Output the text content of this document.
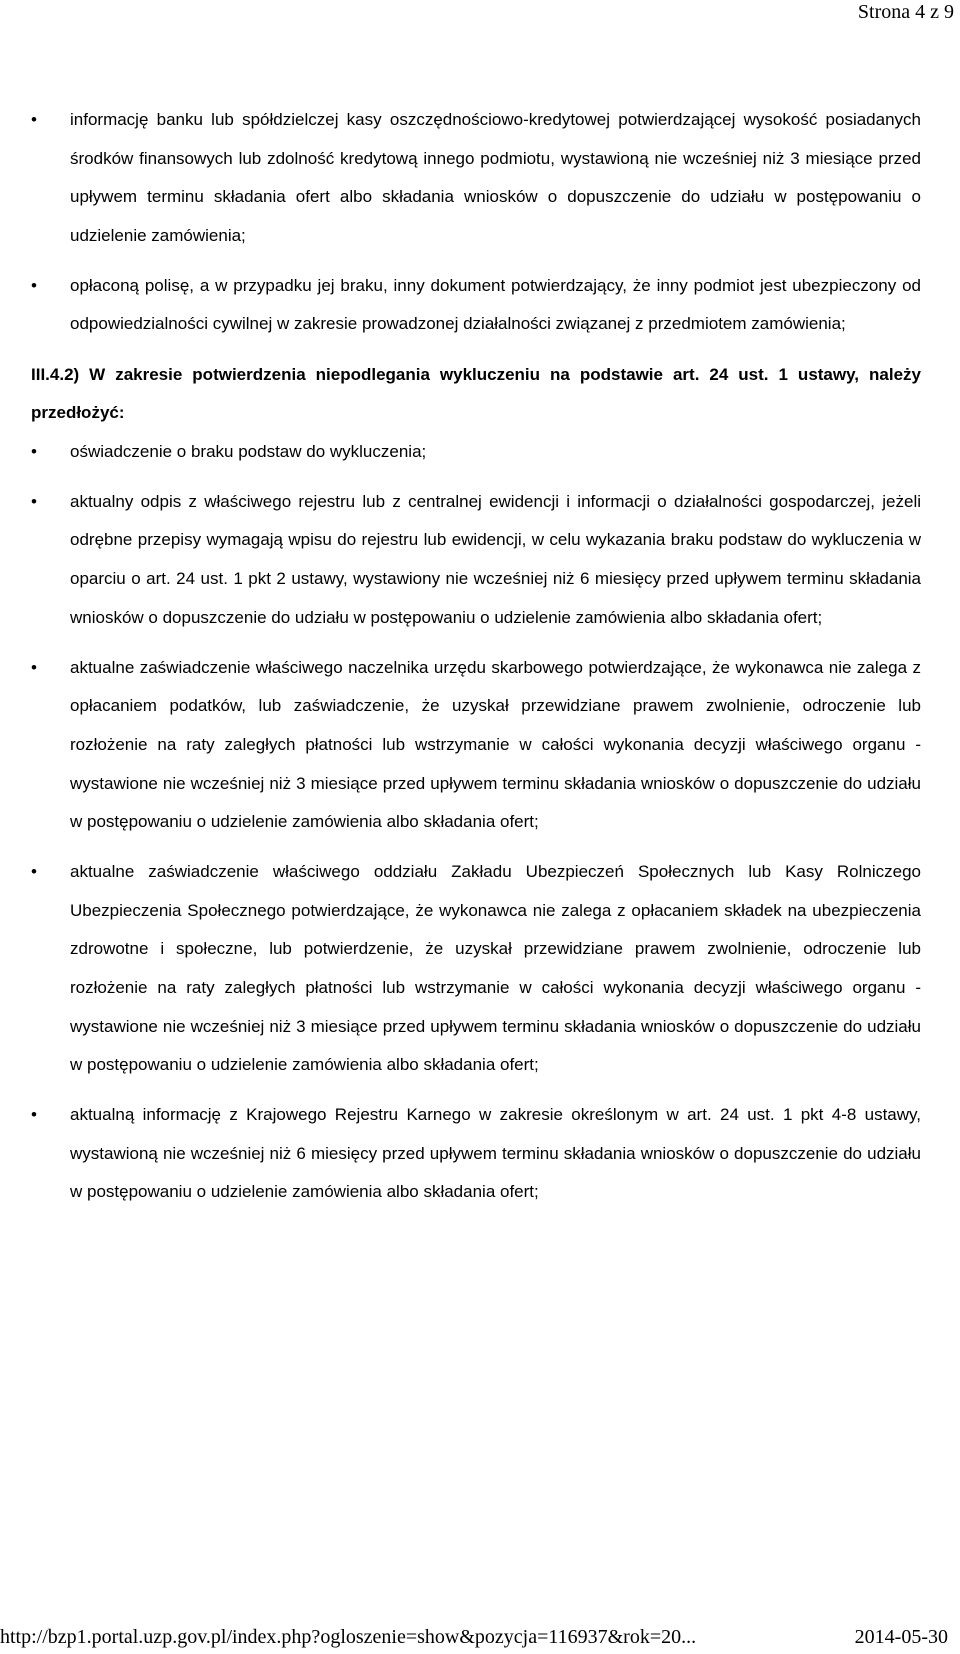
Strona 4 z 9
• informację banku lub spółdzielczej kasy oszczędnościowo-kredytowej potwierdzającej wysokość posiadanych środków finansowych lub zdolność kredytową innego podmiotu, wystawioną nie wcześniej niż 3 miesiące przed upływem terminu składania ofert albo składania wniosków o dopuszczenie do udziału w postępowaniu o udzielenie zamówienia;
• opłaconą polisę, a w przypadku jej braku, inny dokument potwierdzający, że inny podmiot jest ubezpieczony od odpowiedzialności cywilnej w zakresie prowadzonej działalności związanej z przedmiotem zamówienia;
III.4.2) W zakresie potwierdzenia niepodlegania wykluczeniu na podstawie art. 24 ust. 1 ustawy, należy przedłożyć:
• oświadczenie o braku podstaw do wykluczenia;
• aktualny odpis z właściwego rejestru lub z centralnej ewidencji i informacji o działalności gospodarczej, jeżeli odrębne przepisy wymagają wpisu do rejestru lub ewidencji, w celu wykazania braku podstaw do wykluczenia w oparciu o art. 24 ust. 1 pkt 2 ustawy, wystawiony nie wcześniej niż 6 miesięcy przed upływem terminu składania wniosków o dopuszczenie do udziału w postępowaniu o udzielenie zamówienia albo składania ofert;
• aktualne zaświadczenie właściwego naczelnika urzędu skarbowego potwierdzające, że wykonawca nie zalega z opłacaniem podatków, lub zaświadczenie, że uzyskał przewidziane prawem zwolnienie, odroczenie lub rozłożenie na raty zaległych płatności lub wstrzymanie w całości wykonania decyzji właściwego organu - wystawione nie wcześniej niż 3 miesiące przed upływem terminu składania wniosków o dopuszczenie do udziału w postępowaniu o udzielenie zamówienia albo składania ofert;
• aktualne zaświadczenie właściwego oddziału Zakładu Ubezpieczeń Społecznych lub Kasy Rolniczego Ubezpieczenia Społecznego potwierdzające, że wykonawca nie zalega z opłacaniem składek na ubezpieczenia zdrowotne i społeczne, lub potwierdzenie, że uzyskał przewidziane prawem zwolnienie, odroczenie lub rozłożenie na raty zaległych płatności lub wstrzymanie w całości wykonania decyzji właściwego organu - wystawione nie wcześniej niż 3 miesiące przed upływem terminu składania wniosków o dopuszczenie do udziału w postępowaniu o udzielenie zamówienia albo składania ofert;
• aktualną informację z Krajowego Rejestru Karnego w zakresie określonym w art. 24 ust. 1 pkt 4-8 ustawy, wystawioną nie wcześniej niż 6 miesięcy przed upływem terminu składania wniosków o dopuszczenie do udziału w postępowaniu o udzielenie zamówienia albo składania ofert;
http://bzp1.portal.uzp.gov.pl/index.php?ogloszenie=show&pozycja=116937&rok=20...	2014-05-30
